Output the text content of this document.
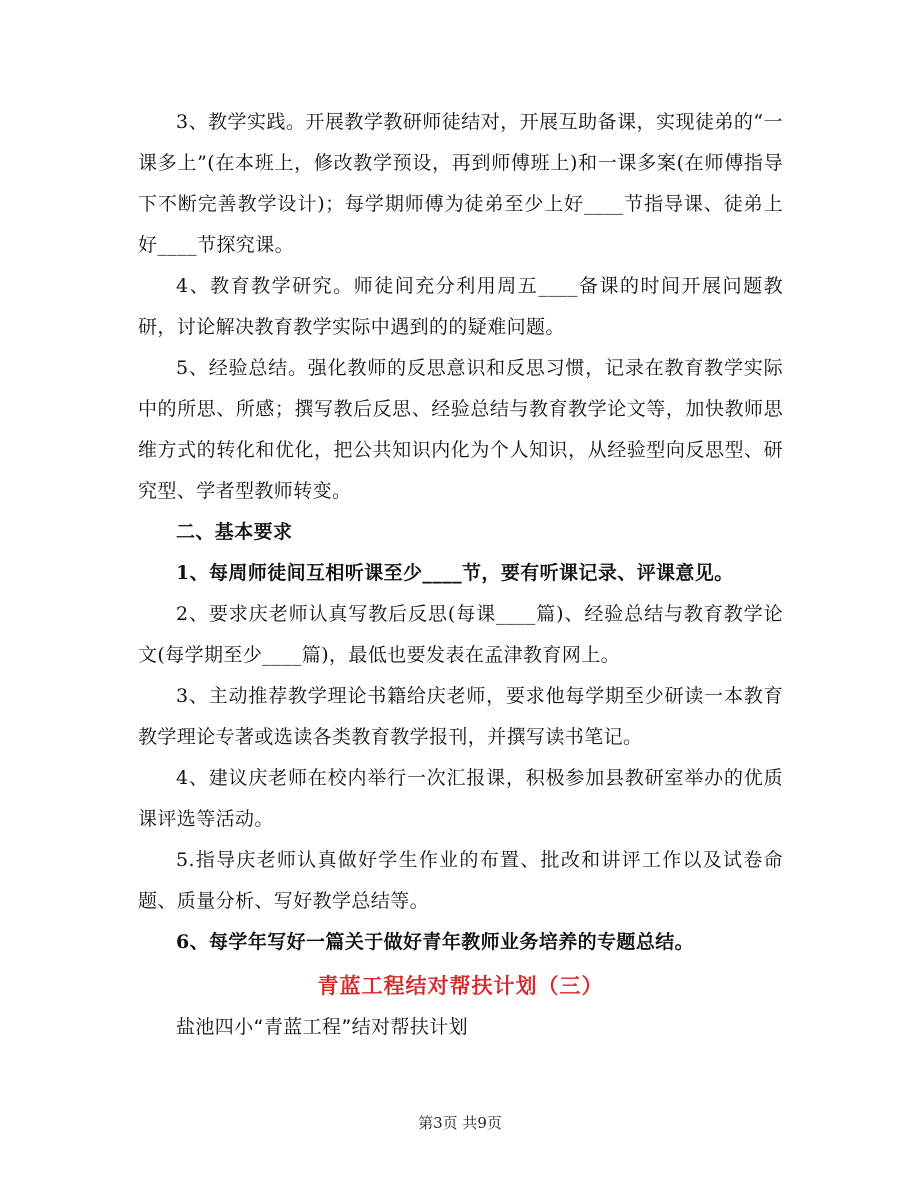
3、教学实践。开展教学教研师徒结对，开展互助备课，实现徒弟的“一课多上”(在本班上，修改教学预设，再到师傅班上)和一课多案(在师傅指导下不断完善教学设计)；每学期师傅为徒弟至少上好____节指导课、徒弟上好____节探究课。

4、教育教学研究。师徒间充分利用周五____备课的时间开展问题教研，讨论解决教育教学实际中遇到的的疑难问题。

5、经验总结。强化教师的反思意识和反思习惯，记录在教育教学实际中的所思、所感；撰写教后反思、经验总结与教育教学论文等，加快教师思维方式的转化和优化，把公共知识内化为个人知识，从经验型向反思型、研究型、学者型教师转变。

二、基本要求

1、每周师徒间互相听课至少____节，要有听课记录、评课意见。

2、要求庆老师认真写教后反思(每课____篇)、经验总结与教育教学论文(每学期至少____篇)，最低也要发表在孟津教育网上。

3、主动推荐教学理论书籍给庆老师，要求他每学期至少研读一本教育教学理论专著或选读各类教育教学报刊，并撰写读书笔记。

4、建议庆老师在校内举行一次汇报课，积极参加县教研室举办的优质课评选等活动。

5.指导庆老师认真做好学生作业的布置、批改和讲评工作以及试卷命题、质量分析、写好教学总结等。

6、每学年写好一篇关于做好青年教师业务培养的专题总结。

青蓝工程结对帮扶计划（三）

盐池四小“青蓝工程”结对帮扶计划

第3页 共9页
